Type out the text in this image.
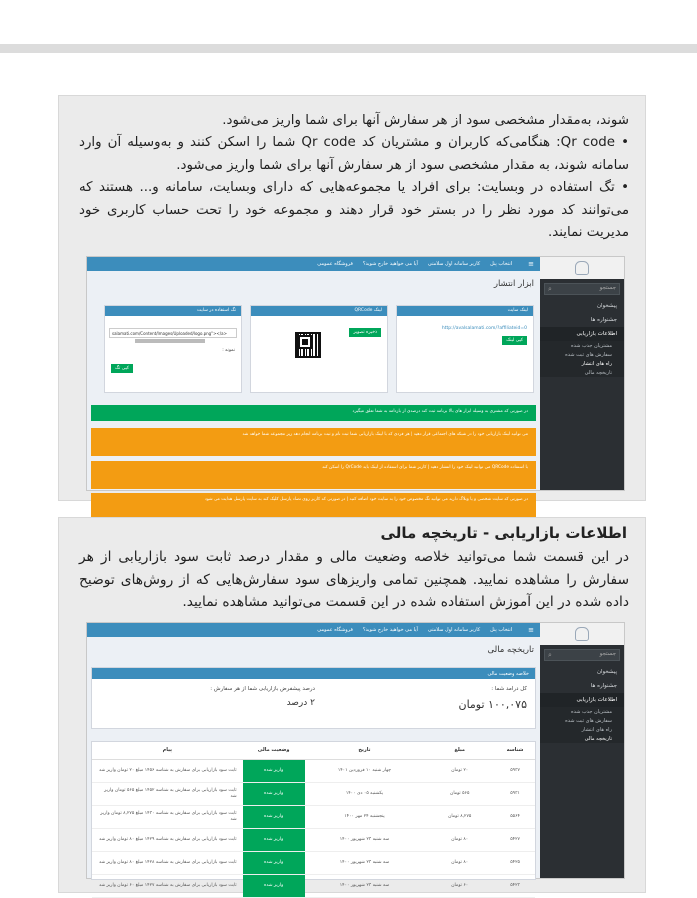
شوند، به‌مقدار مشخصی سود از هر سفارش آنها برای شما واریز می‌شود.
• Qr code: هنگامی‌که کاربران و مشتریان کد Qr code شما را اسکن کنند و به‌وسیله آن وارد سامانه شوند، به مقدار مشخصی سود از هر سفارش آنها برای شما واریز می‌شود.
• تگ استفاده در وبسایت: برای افراد یا مجموعه‌هایی که دارای وبسایت، سامانه و... هستند که می‌توانند کد مورد نظر را در بستر خود قرار دهند و مجموعه خود را تحت حساب کاربری خود مدیریت نمایند.
جستجو
⌕
پیشخوان
جشنواره ها
اطلاعات بازاریابی
مشتریان جذب شده
سفارش های ثبت شده
راه های انتشار
تاریخچه مالی
≡
انتخاب پنل
کاربر سامانه اول سلامتی
آیا می خواهید خارج شوید؟
فروشگاه عمومی
ابزار انتشار
لینک سایت
http://avalsalamati.com/?affiliateid=0
کپی لینک
لینک QRCode
ذخیره تصویر
تگ استفاده در سایت
salamati.com/Content/Images/Uploaded/logo.png"></a>
نمونه :
کپی تگ
در صورتی که مشتری به وسیله ابزار های بالا برنامه ثبت کند درصدی از بازدامه به شما تعلق میگیرد
می توانید لینک بازاریابی خود را در شبکه های اجتماعی قرار دهید | هر فردی که با لینک بازاریابی شما ثبت نام و ثبت برنامه انجام دهد زیر مجموعه شما خواهد شد
با استفاده QRCode می توانید لینک خود را انتشار دهید | کاربر شما برای استفاده از لینک باید QrCode را اسکن کند
در صورتی که سایت شخصی و یا وبلاگ دارید می توانید تگ مخصوص خود را به سایت خود اضافه کنید | در صورتی که کاربر روی تصاد پارسل کلیک کند به سایت پارسل هدایت می شود
اطلاعات بازاریابی - تاریخچه مالی
در این قسمت شما می‌توانید خلاصه وضعیت مالی و مقدار درصد ثابت سود بازاریابی از هر سفارش را مشاهده نمایید. همچنین تمامی واریزهای سود سفارش‌هایی که از روش‌های توضیح داده شده در این آموزش استفاده شده در این قسمت می‌توانید مشاهده نمایید.
جستجو
⌕
پیشخوان
جشنواره ها
اطلاعات بازاریابی
مشتریان جذب شده
سفارش های ثبت شده
راه های انتشار
تاریخچه مالی
≡
انتخاب پنل
کاربر سامانه اول سلامتی
آیا می خواهید خارج شوید؟
فروشگاه عمومی
تاریخچه مالی
خلاصه وضعیت مالی
کل درامد شما :
۱۰۰,۰۷۵ تومان
درصد پیشفرض بازاریابی شما از هر سفارش :
۲ درصد
شناسه	مبلغ	تاریخ	وضعیت مالی	پیام
۵۹۳۷	۲۰ تومان	چهار شنبه ۱۰ فروردین ۱۴۰۱	واریز شده	ثابت سود بازاریابی برای سفارش به شناسه ۱۴۵۶ مبلغ ۲۰ تومان واریز شد
۵۹۳۱	۵۶۵ تومان	یکشنبه ۰۵ دی ۱۴۰۰	واریز شده	ثابت سود بازاریابی برای سفارش به شناسه ۱۴۵۲ مبلغ ۵۶۵ تومان واریز شد
۵۵۶۴	۸,۲۷۵ تومان	پنجشنبه ۲۴ مهر ۱۴۰۰	واریز شده	ثابت سود بازاریابی برای سفارش به شناسه ۱۴۳۰ مبلغ ۸,۲۷۵ تومان واریز شد
۵۴۲۷	۸۰ تومان	سه شنبه ۲۳ شهریور ۱۴۰۰	واریز شده	ثابت سود بازاریابی برای سفارش به شناسه ۱۴۲۹ مبلغ ۸۰ تومان واریز شد
۵۴۲۵	۸۰ تومان	سه شنبه ۲۳ شهریور ۱۴۰۰	واریز شده	ثابت سود بازاریابی برای سفارش به شناسه ۱۴۲۸ مبلغ ۸۰ تومان واریز شد
۵۴۲۳	۶۰ تومان	سه شنبه ۲۳ شهریور ۱۴۰۰	واریز شده	ثابت سود بازاریابی برای سفارش به شناسه ۱۴۲۷ مبلغ ۶۰ تومان واریز شد
